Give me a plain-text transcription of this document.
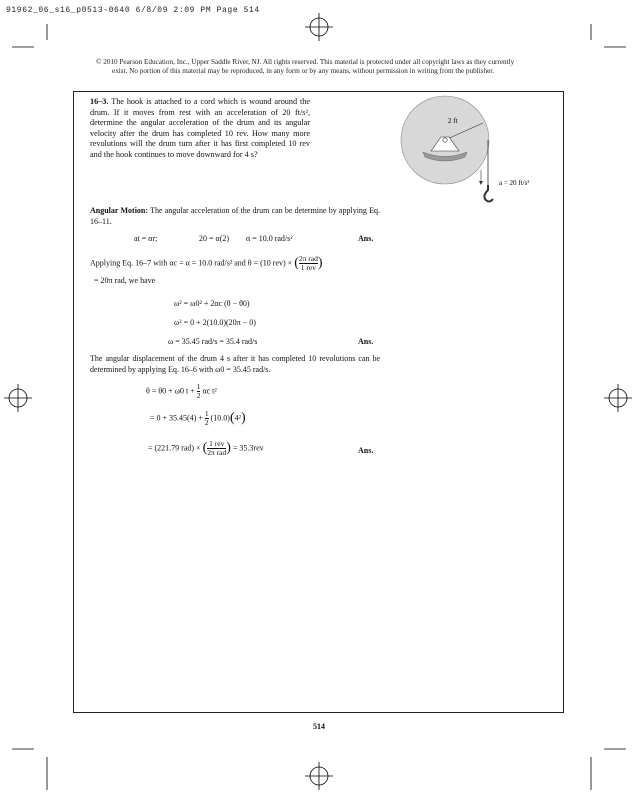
91962_06_s16_p0513-0640 6/8/09 2:09 PM Page 514
© 2010 Pearson Education, Inc., Upper Saddle River, NJ. All rights reserved. This material is protected under all copyright laws as they currently
exist. No portion of this material may be reproduced, in any form or by any means, without permission in writing from the publisher.
16–3. The hook is attached to a cord which is wound around the drum. If it moves from rest with an acceleration of 20 ft/s², determine the angular acceleration of the drum and its angular velocity after the drum has completed 10 rev. How many more revolutions will the drum turn after it has first completed 10 rev and the hook continues to move downward for 4 s?
2 ft
a = 20 ft/s²
Angular Motion: The angular acceleration of the drum can be determine by applying Eq. 16–11.
at = αr;	20 = α(2) α = 10.0 rad/s²	Ans.
Applying Eq. 16–7 with αc = α = 10.0 rad/s² and θ = (10 rev) × ( $\frac{\text{2π rad}}{\text{1 rev}}$ )
= 20π rad, we have
ω² = ω0² + 2αc (θ − θ0)
ω² = 0 + 2(10.0)(20π − 0)
ω = 35.45 rad/s = 35.4 rad/s	Ans.
The angular displacement of the drum 4 s after it has completed 10 revolutions can be determined by applying Eq. 16–6 with ω0 = 35.45 rad/s.
θ = θ0 + ω0 $t + \frac{1}{2}$ αc t²
= $0 + 35.45(4) + \frac{1}{2} (10.0)(4^2)$
= (221.79 rad) × ( $\frac{\text{1 rev}}{\text{2π rad}}$ ) = 35.3rev	Ans.
514
